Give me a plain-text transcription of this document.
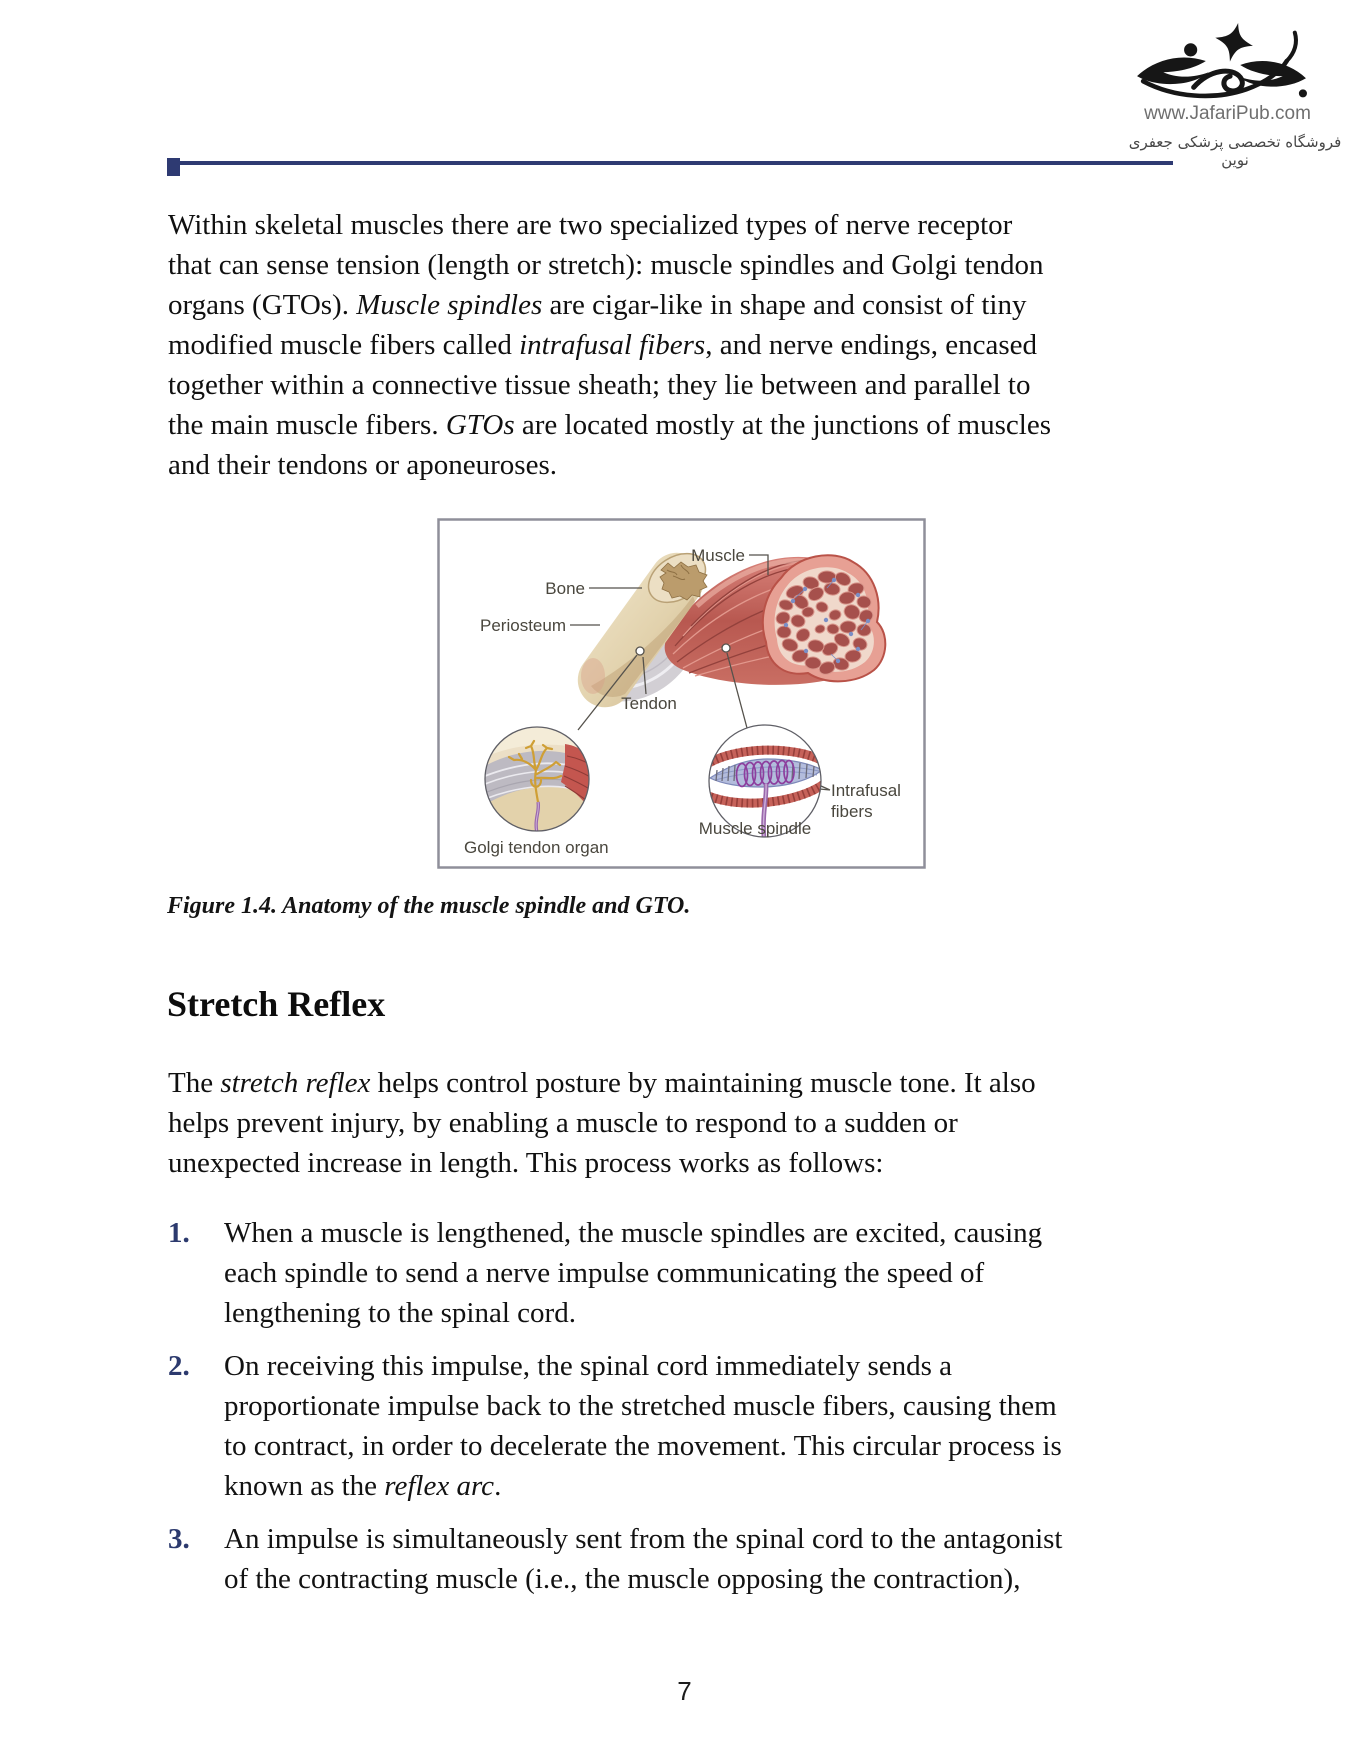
www.JafariPub.com
فروشگاه تخصصی پزشکی جعفری نوین
Within skeletal muscles there are two specialized types of nerve receptor
that can sense tension (length or stretch): muscle spindles and Golgi tendon
organs (GTOs). Muscle spindles are cigar-like in shape and consist of tiny
modified muscle fibers called intrafusal fibers, and nerve endings, encased
together within a connective tissue sheath; they lie between and parallel to
the main muscle fibers. GTOs are located mostly at the junctions of muscles
and their tendons or aponeuroses.
Muscle
Bone
Periosteum
Tendon
Golgi tendon organ
Muscle spindle
Intrafusal
fibers
Figure 1.4. Anatomy of the muscle spindle and GTO.
Stretch Reflex
The stretch reflex helps control posture by maintaining muscle tone. It also
helps prevent injury, by enabling a muscle to respond to a sudden or
unexpected increase in length. This process works as follows:
1. When a muscle is lengthened, the muscle spindles are excited, causing
each spindle to send a nerve impulse communicating the speed of
lengthening to the spinal cord.
2. On receiving this impulse, the spinal cord immediately sends a
proportionate impulse back to the stretched muscle fibers, causing them
to contract, in order to decelerate the movement. This circular process is
known as the reflex arc.
3. An impulse is simultaneously sent from the spinal cord to the antagonist
of the contracting muscle (i.e., the muscle opposing the contraction),
7
